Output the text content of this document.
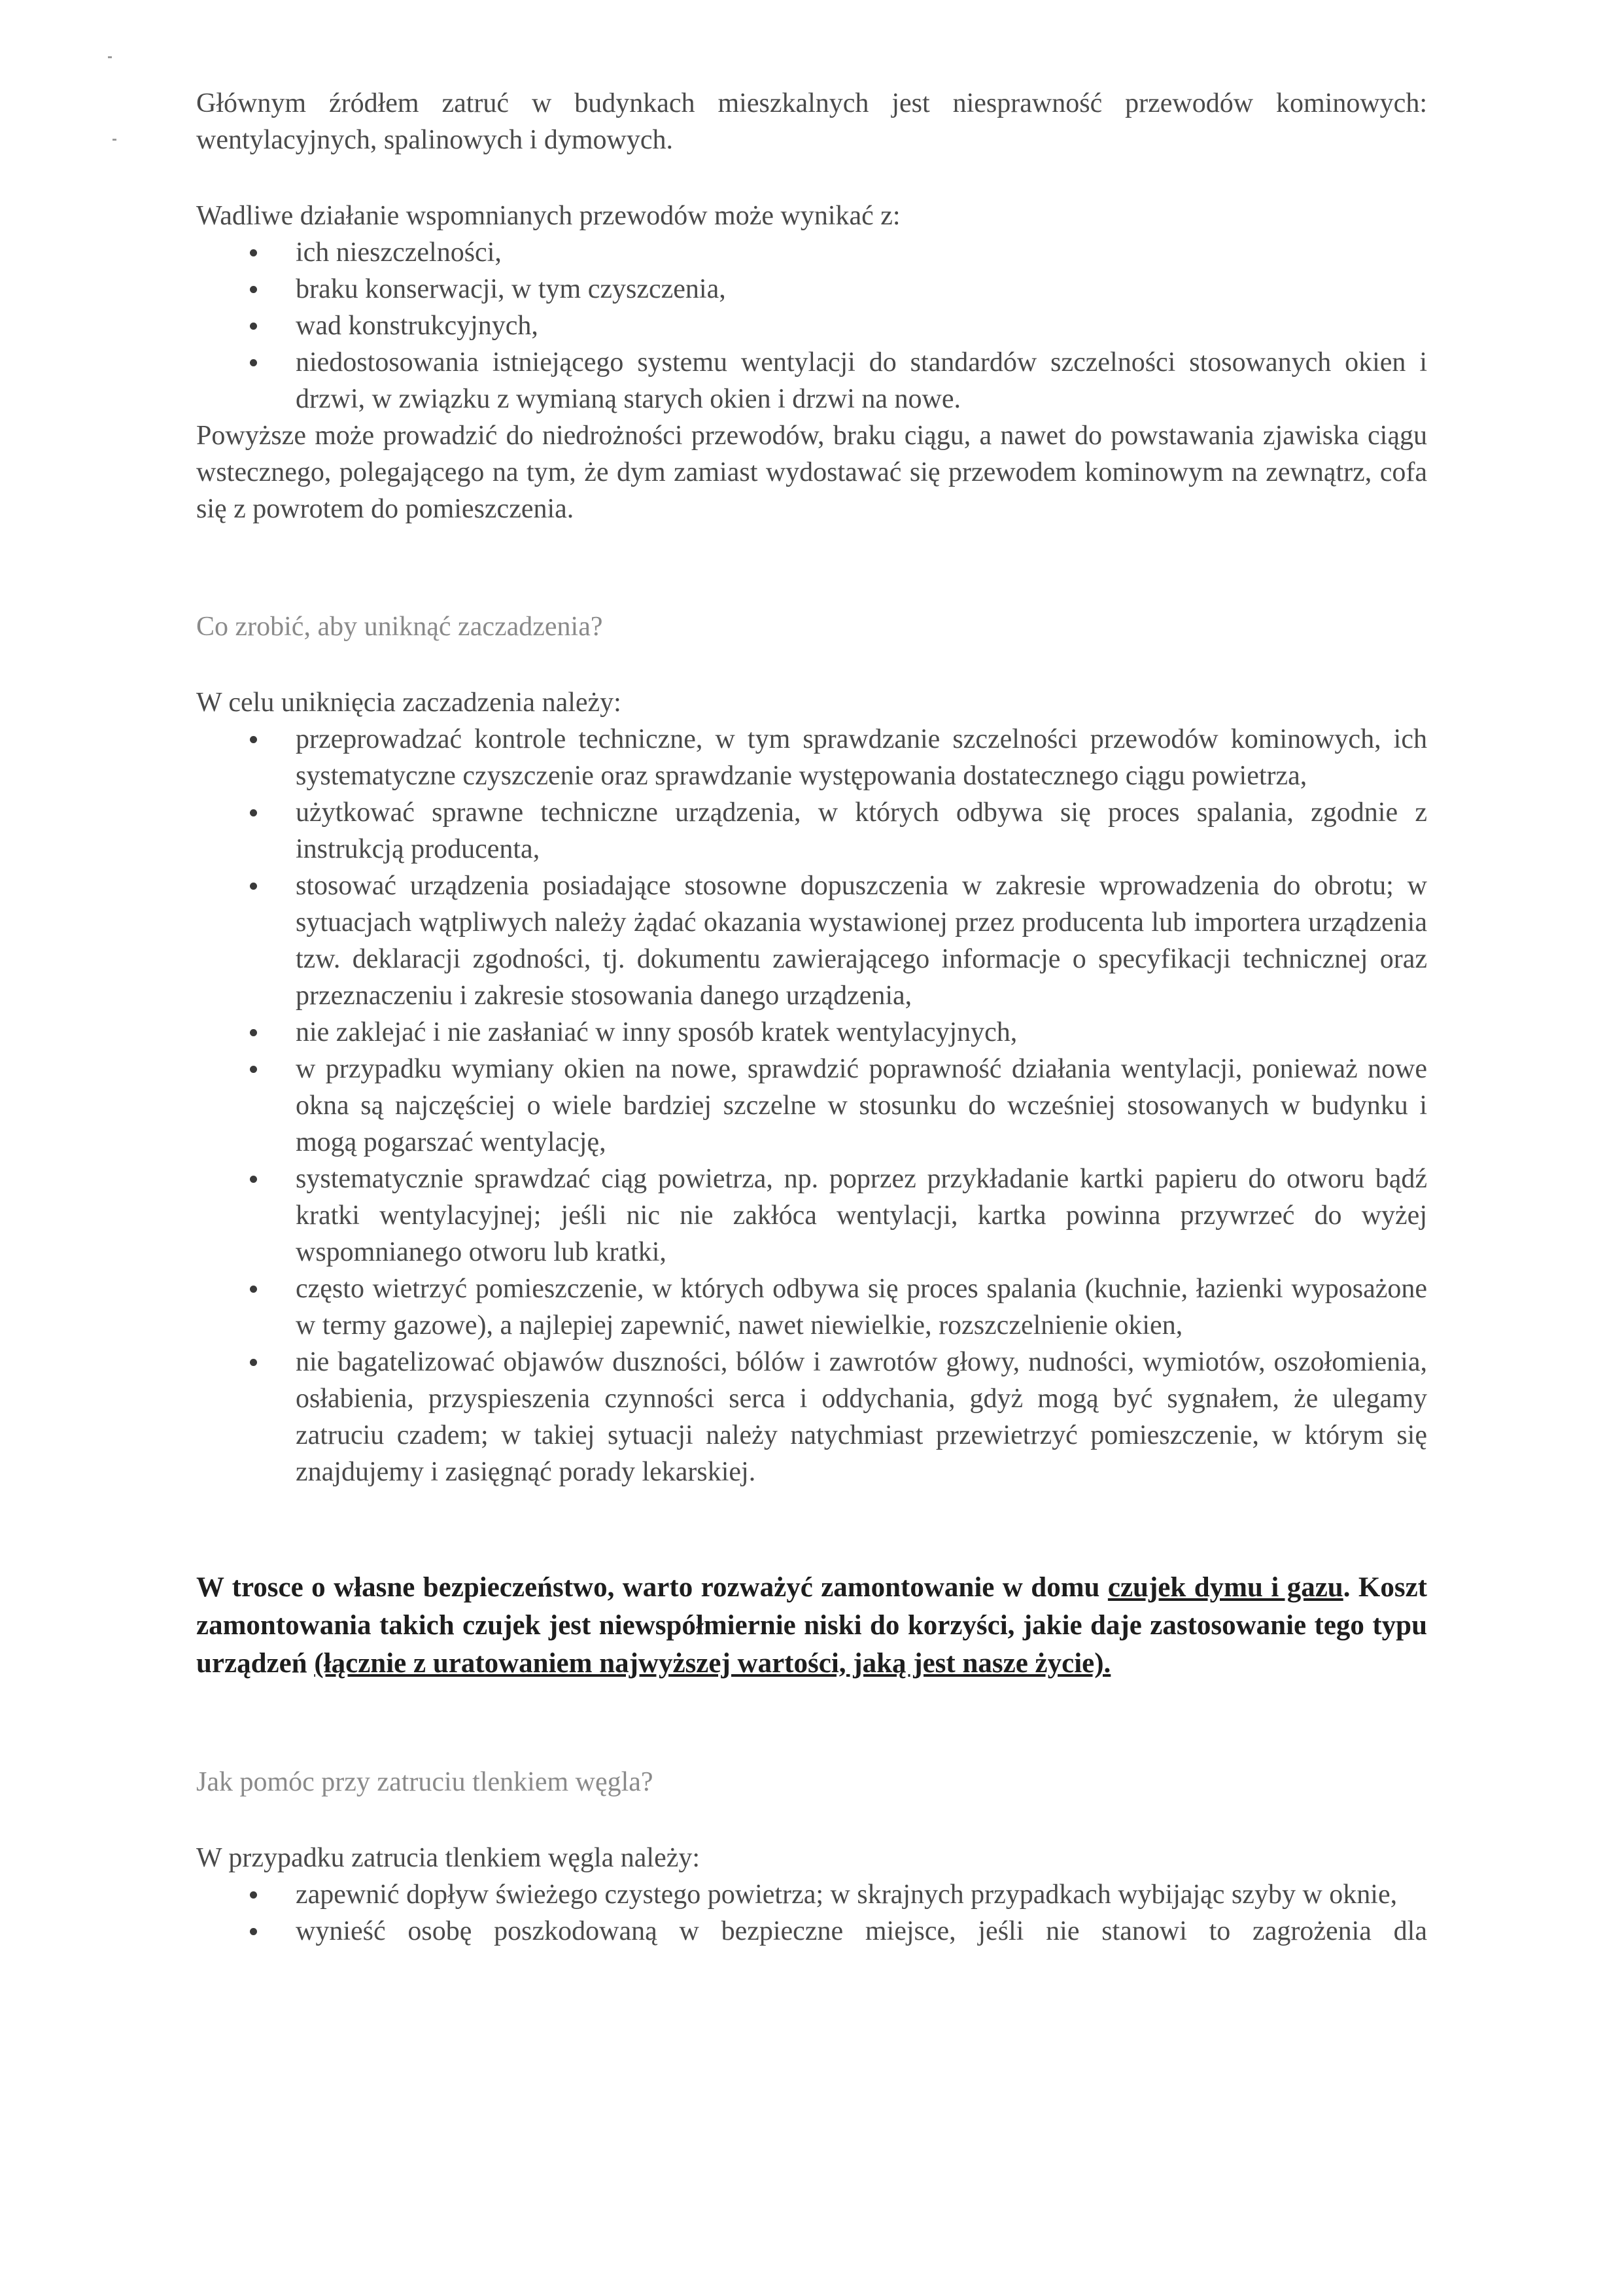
Głównym źródłem zatruć w budynkach mieszkalnych jest niesprawność przewodów kominowych: wentylacyjnych, spalinowych i dymowych.

Wadliwe działanie wspomnianych przewodów może wynikać z:

ich nieszczelności,
braku konserwacji, w tym czyszczenia,
wad konstrukcyjnych,
niedostosowania istniejącego systemu wentylacji do standardów szczelności stosowanych okien i drzwi, w związku z wymianą starych okien i drzwi na nowe.

Powyższe może prowadzić do niedrożności przewodów, braku ciągu, a nawet do powstawania zjawiska ciągu wstecznego, polegającego na tym, że dym zamiast wydostawać się przewodem kominowym na zewnątrz, cofa się z powrotem do pomieszczenia.

Co zrobić, aby uniknąć zaczadzenia?

W celu uniknięcia zaczadzenia należy:

przeprowadzać kontrole techniczne, w tym sprawdzanie szczelności przewodów kominowych, ich systematyczne czyszczenie oraz sprawdzanie występowania dostatecznego ciągu powietrza,
użytkować sprawne techniczne urządzenia, w których odbywa się proces spalania, zgodnie z instrukcją producenta,
stosować urządzenia posiadające stosowne dopuszczenia w zakresie wprowadzenia do obrotu; w sytuacjach wątpliwych należy żądać okazania wystawionej przez producenta lub importera urządzenia tzw. deklaracji zgodności, tj. dokumentu zawierającego informacje o specyfikacji technicznej oraz przeznaczeniu i zakresie stosowania danego urządzenia,
nie zaklejać i nie zasłaniać w inny sposób kratek wentylacyjnych,
w przypadku wymiany okien na nowe, sprawdzić poprawność działania wentylacji, ponieważ nowe okna są najczęściej o wiele bardziej szczelne w stosunku do wcześniej stosowanych w budynku i mogą pogarszać wentylację,
systematycznie sprawdzać ciąg powietrza, np. poprzez przykładanie kartki papieru do otworu bądź kratki wentylacyjnej; jeśli nic nie zakłóca wentylacji, kartka powinna przywrzeć do wyżej wspomnianego otworu lub kratki,
często wietrzyć pomieszczenie, w których odbywa się proces spalania (kuchnie, łazienki wyposażone w termy gazowe), a najlepiej zapewnić, nawet niewielkie, rozszczelnienie okien,
nie bagatelizować objawów duszności, bólów i zawrotów głowy, nudności, wymiotów, oszołomienia, osłabienia, przyspieszenia czynności serca i oddychania, gdyż mogą być sygnałem, że ulegamy zatruciu czadem; w takiej sytuacji należy natychmiast przewietrzyć pomieszczenie, w którym się znajdujemy i zasięgnąć porady lekarskiej.

W trosce o własne bezpieczeństwo, warto rozważyć zamontowanie w domu czujek dymu i gazu. Koszt zamontowania takich czujek jest niewspółmiernie niski do korzyści, jakie daje zastosowanie tego typu urządzeń (łącznie z uratowaniem najwyższej wartości, jaką jest nasze życie).

Jak pomóc przy zatruciu tlenkiem węgla?

W przypadku zatrucia tlenkiem węgla należy:

zapewnić dopływ świeżego czystego powietrza; w skrajnych przypadkach wybijając szyby w oknie,
wynieść osobę poszkodowaną w bezpieczne miejsce, jeśli nie stanowi to zagrożenia dla
